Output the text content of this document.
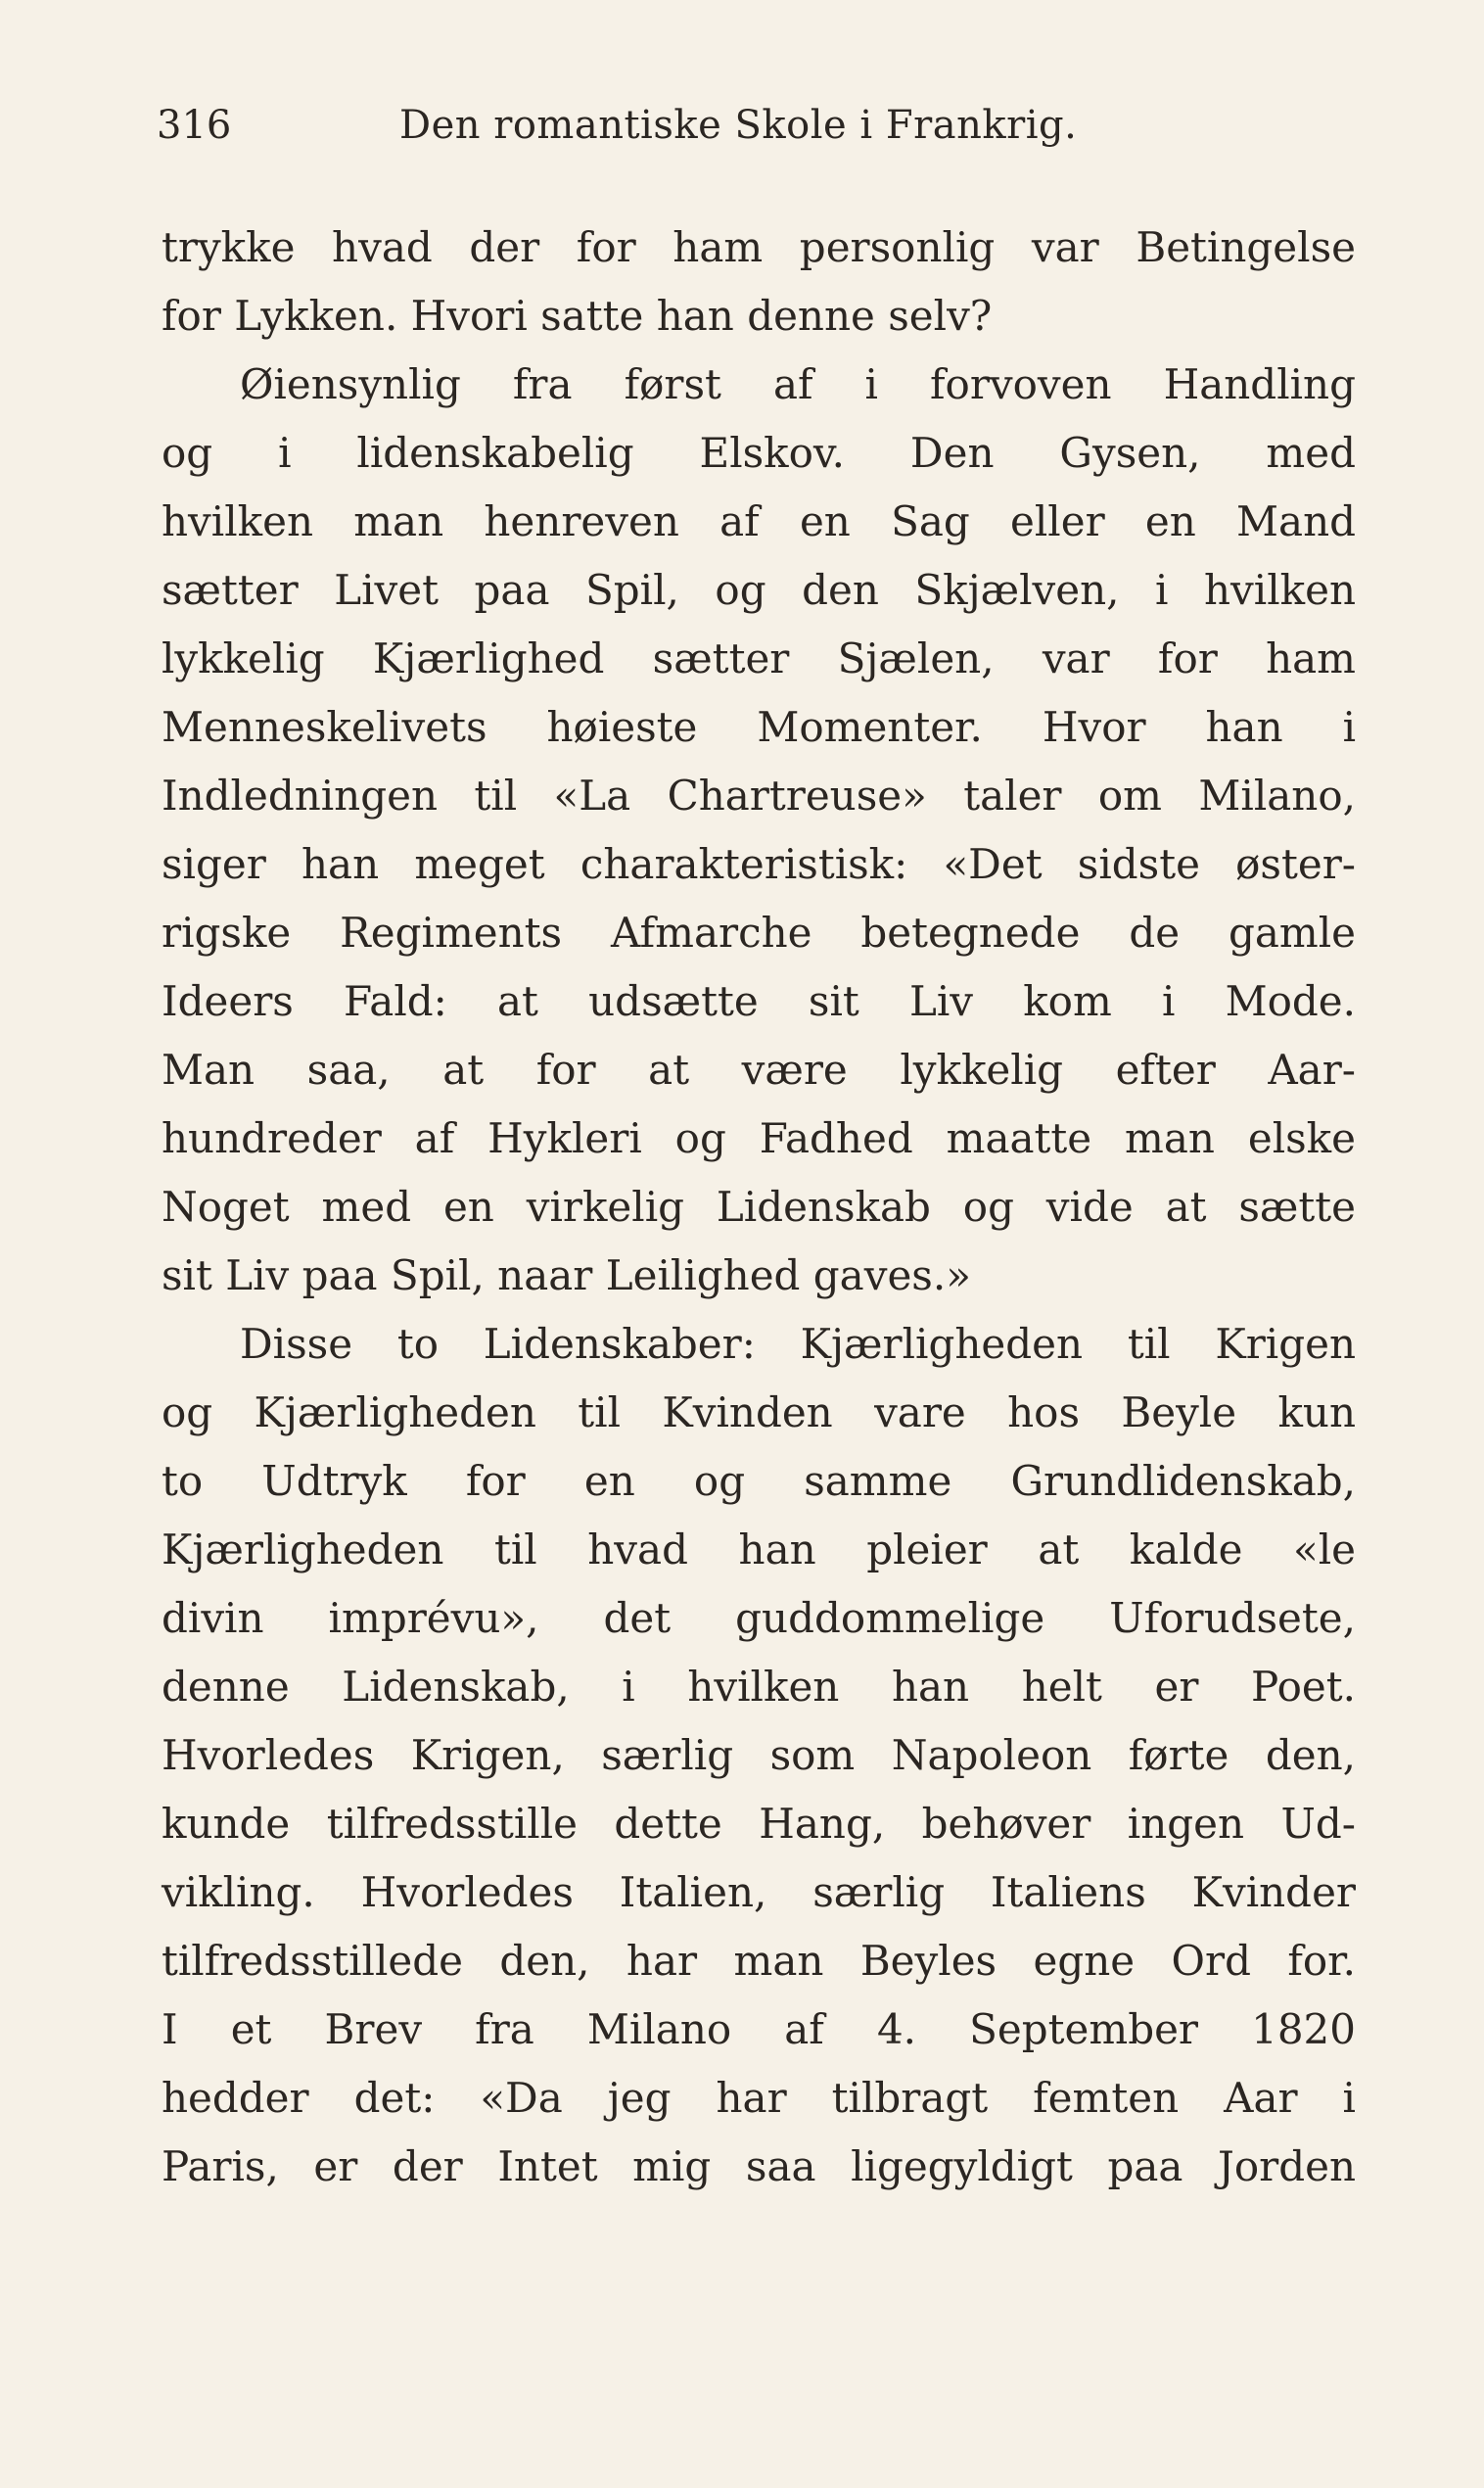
316	Den romantiske Skole i Frankrig.
trykke hvad der for ham personlig var Betingelse
for Lykken. Hvori satte han denne selv?
Øiensynlig fra først af i forvoven Handling
og i lidenskabelig Elskov. Den Gysen, med
hvilken man henreven af en Sag eller en Mand
sætter Livet paa Spil, og den Skjælven, i hvilken
lykkelig Kjærlighed sætter Sjælen, var for ham
Menneskelivets høieste Momenter. Hvor han i
Indledningen til «La Chartreuse» taler om Milano,
siger han meget charakteristisk: «Det sidste øster-
rigske Regiments Afmarche betegnede de gamle
Ideers Fald: at udsætte sit Liv kom i Mode.
Man saa, at for at være lykkelig efter Aar-
hundreder af Hykleri og Fadhed maatte man elske
Noget med en virkelig Lidenskab og vide at sætte
sit Liv paa Spil, naar Leilighed gaves.»
Disse to Lidenskaber: Kjærligheden til Krigen
og Kjærligheden til Kvinden vare hos Beyle kun
to Udtryk for en og samme Grundlidenskab,
Kjærligheden til hvad han pleier at kalde «le
divin imprévu», det guddommelige Uforudsete,
denne Lidenskab, i hvilken han helt er Poet.
Hvorledes Krigen, særlig som Napoleon førte den,
kunde tilfredsstille dette Hang, behøver ingen Ud-
vikling. Hvorledes Italien, særlig Italiens Kvinder
tilfredsstillede den, har man Beyles egne Ord for.
I et Brev fra Milano af 4. September 1820
hedder det: «Da jeg har tilbragt femten Aar i
Paris, er der Intet mig saa ligegyldigt paa Jorden
